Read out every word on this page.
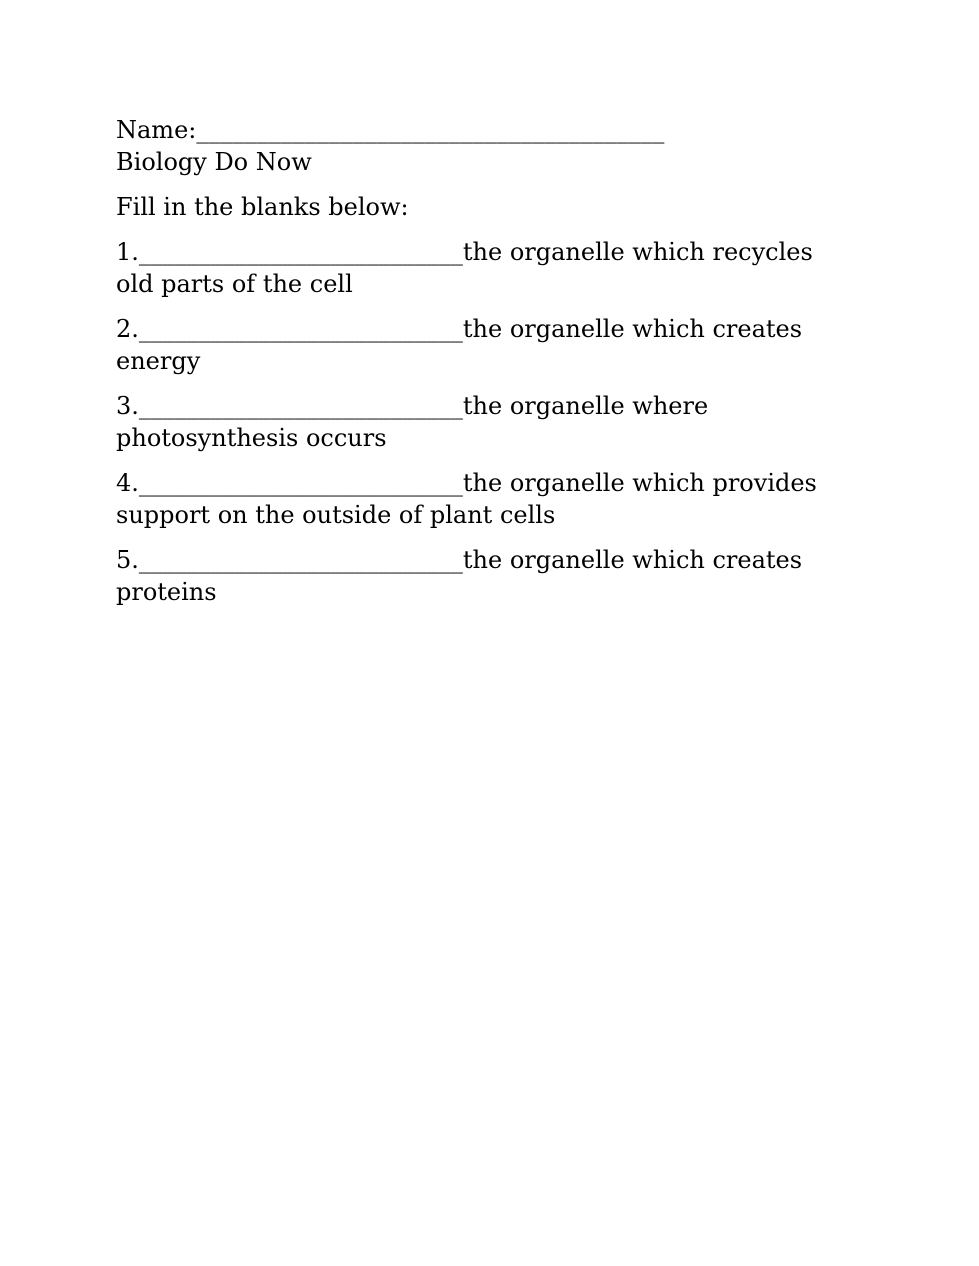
Name:_______________________________________
Biology Do Now
Fill in the blanks below:
1.___________________________the organelle which recycles
old parts of the cell
2.___________________________the organelle which creates
energy
3.___________________________the organelle where
photosynthesis occurs
4.___________________________the organelle which provides
support on the outside of plant cells
5.___________________________the organelle which creates
proteins
